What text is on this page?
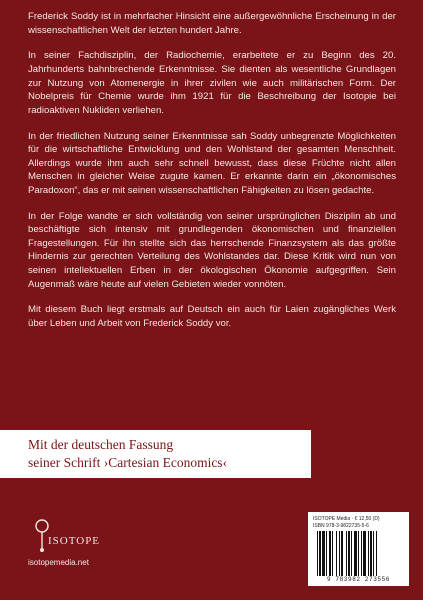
Frederick Soddy ist in mehrfacher Hinsicht eine außergewöhnliche Erscheinung in der wissenschaftlichen Welt der letzten hundert Jahre.

In seiner Fachdisziplin, der Radiochemie, erarbeitete er zu Beginn des 20. Jahrhunderts bahnbrechende Erkenntnisse. Sie dienten als wesentliche Grundlagen zur Nutzung von Atomenergie in ihrer zivilen wie auch militärischen Form. Der Nobelpreis für Chemie wurde ihm 1921 für die Beschreibung der Isotopie bei radioaktiven Nukliden verliehen.

In der friedlichen Nutzung seiner Erkenntnisse sah Soddy unbegrenzte Möglichkeiten für die wirtschaftliche Entwicklung und den Wohlstand der gesamten Menschheit. Allerdings wurde ihm auch sehr schnell bewusst, dass diese Früchte nicht allen Menschen in gleicher Weise zugute kamen. Er erkannte darin ein „ökonomisches Paradoxon“, das er mit seinen wissenschaftlichen Fähigkeiten zu lösen gedachte.

In der Folge wandte er sich vollständig von seiner ursprünglichen Disziplin ab und beschäftigte sich intensiv mit grundlegenden ökonomischen und finanziellen Fragestellungen. Für ihn stellte sich das herrschende Finanzsystem als das größte Hindernis zur gerechten Verteilung des Wohlstandes dar. Diese Kritik wird nun von seinen intellektuellen Erben in der ökologischen Ökonomie aufgegriffen. Sein Augenmaß wäre heute auf vielen Gebieten wieder vonnöten.

Mit diesem Buch liegt erstmals auf Deutsch ein auch für Laien zugängliches Werk über Leben und Arbeit von Frederick Soddy vor.

Mit der deutschen Fassung
seiner Schrift ›Cartesian Economics‹
ISOTOPE
isotopemedia.net
ISOTOPE Media · € 12,50 (D)
ISBN 978-3-9822735-5-6
9 783982 273556
